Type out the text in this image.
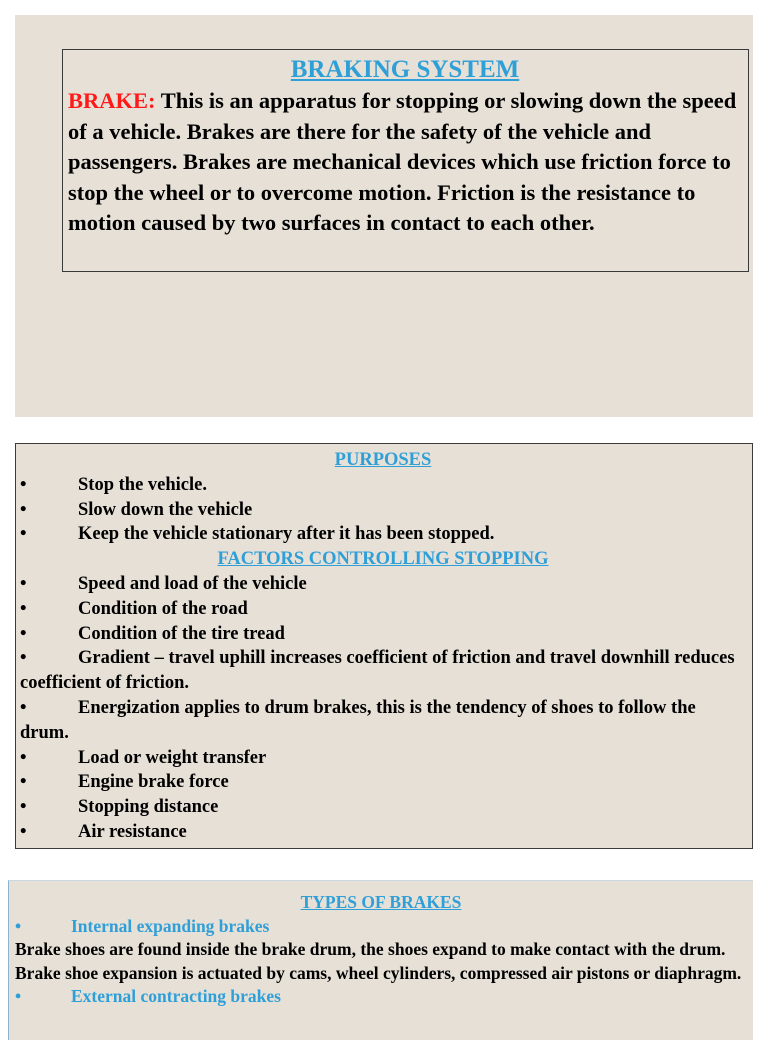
BRAKING SYSTEM

BRAKE: This is an apparatus for stopping or slowing down the speed of a vehicle. Brakes are there for the safety of the vehicle and passengers. Brakes are mechanical devices which use friction force to stop the wheel or to overcome motion. Friction is the resistance to motion caused by two surfaces in contact to each other.

PURPOSES

•	Stop the vehicle.

•	Slow down the vehicle

•	Keep the vehicle stationary after it has been stopped.

FACTORS CONTROLLING STOPPING

•	Speed and load of the vehicle

•	Condition of the road

•	Condition of the tire tread

•	Gradient – travel uphill increases coefficient of friction and travel downhill reduces coefficient of friction.

•	Energization applies to drum brakes, this is the tendency of shoes to follow the drum.

•	Load or weight transfer

•	Engine brake force

•	Stopping distance

•	Air resistance

TYPES OF BRAKES

•	Internal expanding brakes

Brake shoes are found inside the brake drum, the shoes expand to make contact with the drum. Brake shoe expansion is actuated by cams, wheel cylinders, compressed air pistons or diaphragm.

•	External contracting brakes
